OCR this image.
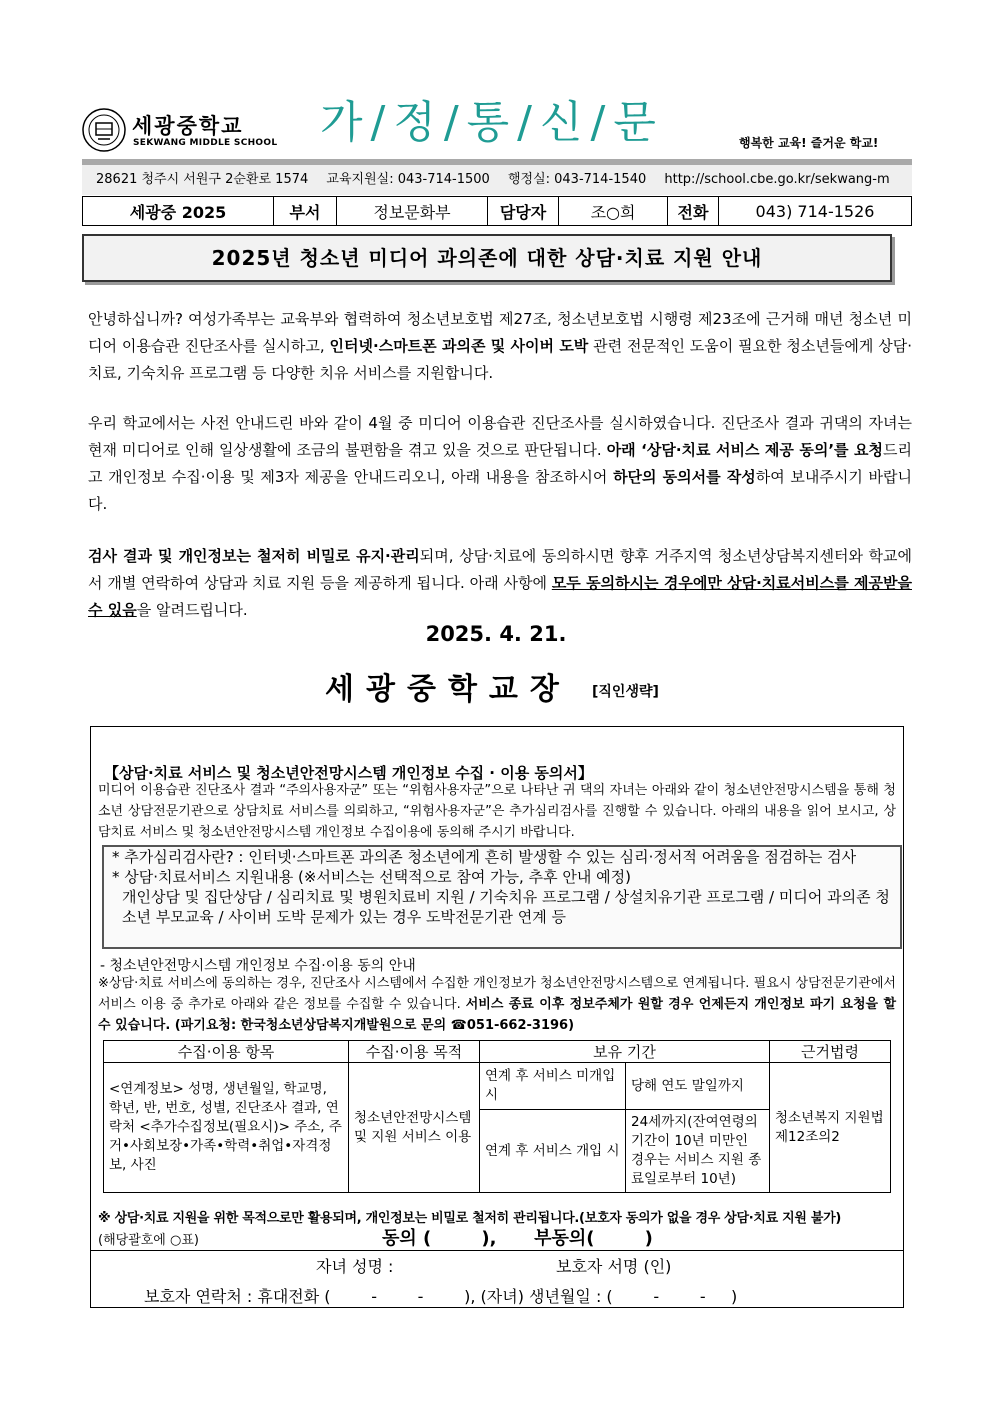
세광중학교
SEKWANG MIDDLE SCHOOL 가/정/통/신/문	행복한 교육! 즐거운 학교!
28621 청주시 서원구 2순환로 1574 교육지원실: 043-714-1500 행정실: 043-714-1540 http://school.cbe.go.kr/sekwang-m
세광중 2025	부서	정보문화부	담당자	조○희	전화	043) 714-1526
2025년 청소년 미디어 과의존에 대한 상담·치료 지원 안내
안녕하십니까? 여성가족부는 교육부와 협력하여 청소년보호법 제27조, 청소년보호법 시행령 제23조에 근거해 매년 청소년 미디어 이용습관 진단조사를 실시하고, 인터넷·스마트폰 과의존 및 사이버 도박 관련 전문적인 도움이 필요한 청소년들에게 상담·치료, 기숙치유 프로그램 등 다양한 치유 서비스를 지원합니다.
우리 학교에서는 사전 안내드린 바와 같이 4월 중 미디어 이용습관 진단조사를 실시하였습니다. 진단조사 결과 귀댁의 자녀는 현재 미디어로 인해 일상생활에 조금의 불편함을 겪고 있을 것으로 판단됩니다. 아래 ‘상담·치료 서비스 제공 동의’를 요청드리고 개인정보 수집·이용 및 제3자 제공을 안내드리오니, 아래 내용을 참조하시어 하단의 동의서를 작성하여 보내주시기 바랍니다.
검사 결과 및 개인정보는 철저히 비밀로 유지·관리되며, 상담·치료에 동의하시면 향후 거주지역 청소년상담복지센터와 학교에서 개별 연락하여 상담과 치료 지원 등을 제공하게 됩니다. 아래 사항에 모두 동의하시는 경우에만 상담·치료서비스를 제공받을 수 있음을 알려드립니다.
2025. 4. 21.
세광중학교장 [직인생략]
【상담·치료 서비스 및 청소년안전망시스템 개인정보 수집 · 이용 동의서】
미디어 이용습관 진단조사 결과 “주의사용자군” 또는 “위험사용자군”으로 나타난 귀 댁의 자녀는 아래와 같이 청소년안전망시스템을 통해 청소년 상담전문기관으로 상담치료 서비스를 의뢰하고, “위험사용자군”은 추가심리검사를 진행할 수 있습니다. 아래의 내용을 읽어 보시고, 상담치료 서비스 및 청소년안전망시스템 개인정보 수집이용에 동의해 주시기 바랍니다.

* 추가심리검사란? : 인터넷·스마트폰 과의존 청소년에게 흔히 발생할 수 있는 심리·정서적 어려움을 점검하는 검사

* 상담·치료서비스 지원내용 (※서비스는 선택적으로 참여 가능, 추후 안내 예정)

개인상담 및 집단상담 / 심리치료 및 병원치료비 지원 / 기숙치유 프로그램 / 상설치유기관 프로그램 / 미디어 과의존 청소년 부모교육 / 사이버 도박 문제가 있는 경우 도박전문기관 연계 등

- 청소년안전망시스템 개인정보 수집·이용 동의 안내
※상담·치료 서비스에 동의하는 경우, 진단조사 시스템에서 수집한 개인정보가 청소년안전망시스템으로 연계됩니다. 필요시 상담전문기관에서 서비스 이용 중 추가로 아래와 같은 정보를 수집할 수 있습니다. 서비스 종료 이후 정보주체가 원할 경우 언제든지 개인정보 파기 요청을 할 수 있습니다. (파기요청: 한국청소년상담복지개발원으로 문의 ☎051-662-3196)
수집·이용 항목	수집·이용 목적	보유 기간		근거법령
<연계정보> 성명, 생년월일, 학교명, 학년, 반, 번호, 성별, 진단조사 결과, 연락처 <추가수집정보(필요시)> 주소, 주거•사회보장•가족•학력•취업•자격정보, 사진	청소년안전망시스템 및 지원 서비스 이용	연계 후 서비스 미개입 시	당해 연도 말일까지	청소년복지 지원법 제12조의2
		연계 후 서비스 개입 시	24세까지(잔여연령의 기간이 10년 미만인 경우는 서비스 지원 종료일로부터 10년)	
※ 상담·치료 지원을 위한 목적으로만 활용되며, 개인정보는 비밀로 철저히 관리됩니다.(보호자 동의가 없을 경우 상담·치료 지원 불가)
(해당괄호에 ○표)	동의 (        ),      부동의(        )
자녀 성명 :	보호자 서명 (인)
보호자 연락처 : 휴대전화 (        -        -        ), (자녀) 생년월일 : (        -        -     )
